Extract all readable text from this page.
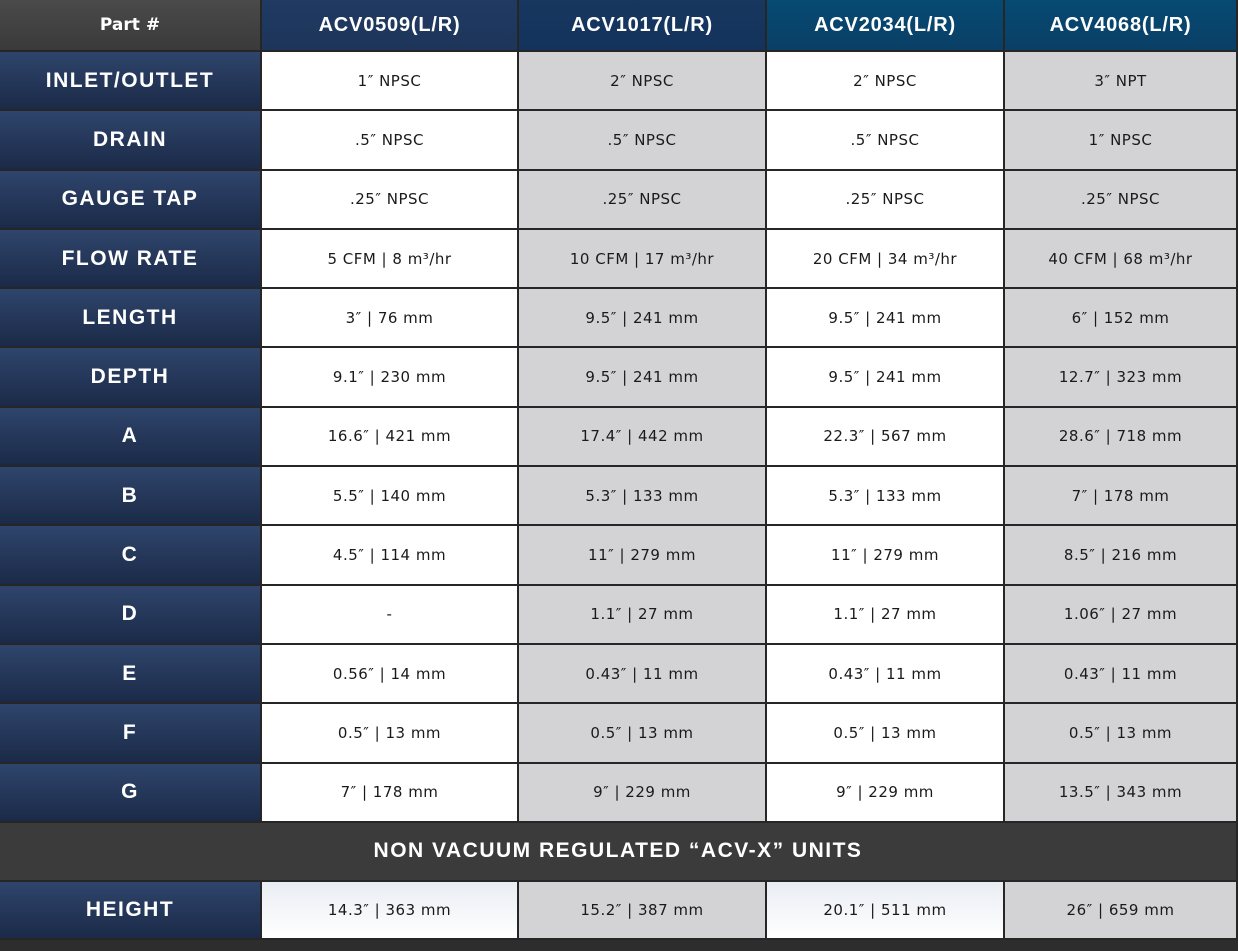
Part #	ACV0509(L/R)	ACV1017(L/R)	ACV2034(L/R)	ACV4068(L/R)
INLET/OUTLET	1″ NPSC	2″ NPSC	2″ NPSC	3″ NPT
DRAIN	.5″ NPSC	.5″ NPSC	.5″ NPSC	1″ NPSC
GAUGE TAP	.25″ NPSC	.25″ NPSC	.25″ NPSC	.25″ NPSC
FLOW RATE	5 CFM | 8 m³/hr	10 CFM | 17 m³/hr	20 CFM | 34 m³/hr	40 CFM | 68 m³/hr
LENGTH	3″ | 76 mm	9.5″ | 241 mm	9.5″ | 241 mm	6″ | 152 mm
DEPTH	9.1″ | 230 mm	9.5″ | 241 mm	9.5″ | 241 mm	12.7″ | 323 mm
A	16.6″ | 421 mm	17.4″ | 442 mm	22.3″ | 567 mm	28.6″ | 718 mm
B	5.5″ | 140 mm	5.3″ | 133 mm	5.3″ | 133 mm	7″ | 178 mm
C	4.5″ | 114 mm	11″ | 279 mm	11″ | 279 mm	8.5″ | 216 mm
D	-	1.1″ | 27 mm	1.1″ | 27 mm	1.06″ | 27 mm
E	0.56″ | 14 mm	0.43″ | 11 mm	0.43″ | 11 mm	0.43″ | 11 mm
F	0.5″ | 13 mm	0.5″ | 13 mm	0.5″ | 13 mm	0.5″ | 13 mm
G	7″ | 178 mm	9″ | 229 mm	9″ | 229 mm	13.5″ | 343 mm
NON VACUUM REGULATED “ACV-X” UNITS
HEIGHT	14.3″ | 363 mm	15.2″ | 387 mm	20.1″ | 511 mm	26″ | 659 mm
